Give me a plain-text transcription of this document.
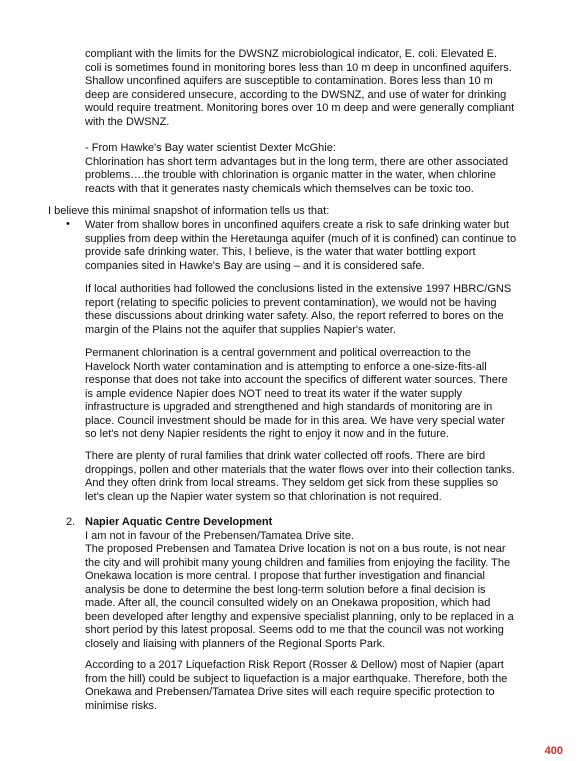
compliant with the limits for the DWSNZ microbiological indicator, E. coli. Elevated E.
coli is sometimes found in monitoring bores less than 10 m deep in unconfined aquifers.
Shallow unconfined aquifers are susceptible to contamination. Bores less than 10 m
deep are considered unsecure, according to the DWSNZ, and use of water for drinking
would require treatment. Monitoring bores over 10 m deep and were generally compliant
with the DWSNZ.
- From Hawke's Bay water scientist Dexter McGhie:
Chlorination has short term advantages but in the long term, there are other associated
problems….the trouble with chlorination is organic matter in the water, when chlorine
reacts with that it generates nasty chemicals which themselves can be toxic too.
I believe this minimal snapshot of information tells us that:
• Water from shallow bores in unconfined aquifers create a risk to safe drinking water but
supplies from deep within the Heretaunga aquifer (much of it is confined) can continue to
provide safe drinking water. This, I believe, is the water that water bottling export
companies sited in Hawke's Bay are using – and it is considered safe.
If local authorities had followed the conclusions listed in the extensive 1997 HBRC/GNS
report (relating to specific policies to prevent contamination), we would not be having
these discussions about drinking water safety. Also, the report referred to bores on the
margin of the Plains not the aquifer that supplies Napier's water.
Permanent chlorination is a central government and political overreaction to the
Havelock North water contamination and is attempting to enforce a one-size-fits-all
response that does not take into account the specifics of different water sources. There
is ample evidence Napier does NOT need to treat its water if the water supply
infrastructure is upgraded and strengthened and high standards of monitoring are in
place. Council investment should be made for in this area. We have very special water
so let's not deny Napier residents the right to enjoy it now and in the future.
There are plenty of rural families that drink water collected off roofs. There are bird
droppings, pollen and other materials that the water flows over into their collection tanks.
And they often drink from local streams. They seldom get sick from these supplies so
let's clean up the Napier water system so that chlorination is not required.
2. Napier Aquatic Centre Development
I am not in favour of the Prebensen/Tamatea Drive site.
The proposed Prebensen and Tamatea Drive location is not on a bus route, is not near
the city and will prohibit many young children and families from enjoying the facility. The
Onekawa location is more central. I propose that further investigation and financial
analysis be done to determine the best long-term solution before a final decision is
made. After all, the council consulted widely on an Onekawa proposition, which had
been developed after lengthy and expensive specialist planning, only to be replaced in a
short period by this latest proposal. Seems odd to me that the council was not working
closely and liaising with planners of the Regional Sports Park.
According to a 2017 Liquefaction Risk Report (Rosser & Dellow) most of Napier (apart
from the hill) could be subject to liquefaction is a major earthquake. Therefore, both the
Onekawa and Prebensen/Tamatea Drive sites will each require specific protection to
minimise risks.
400
